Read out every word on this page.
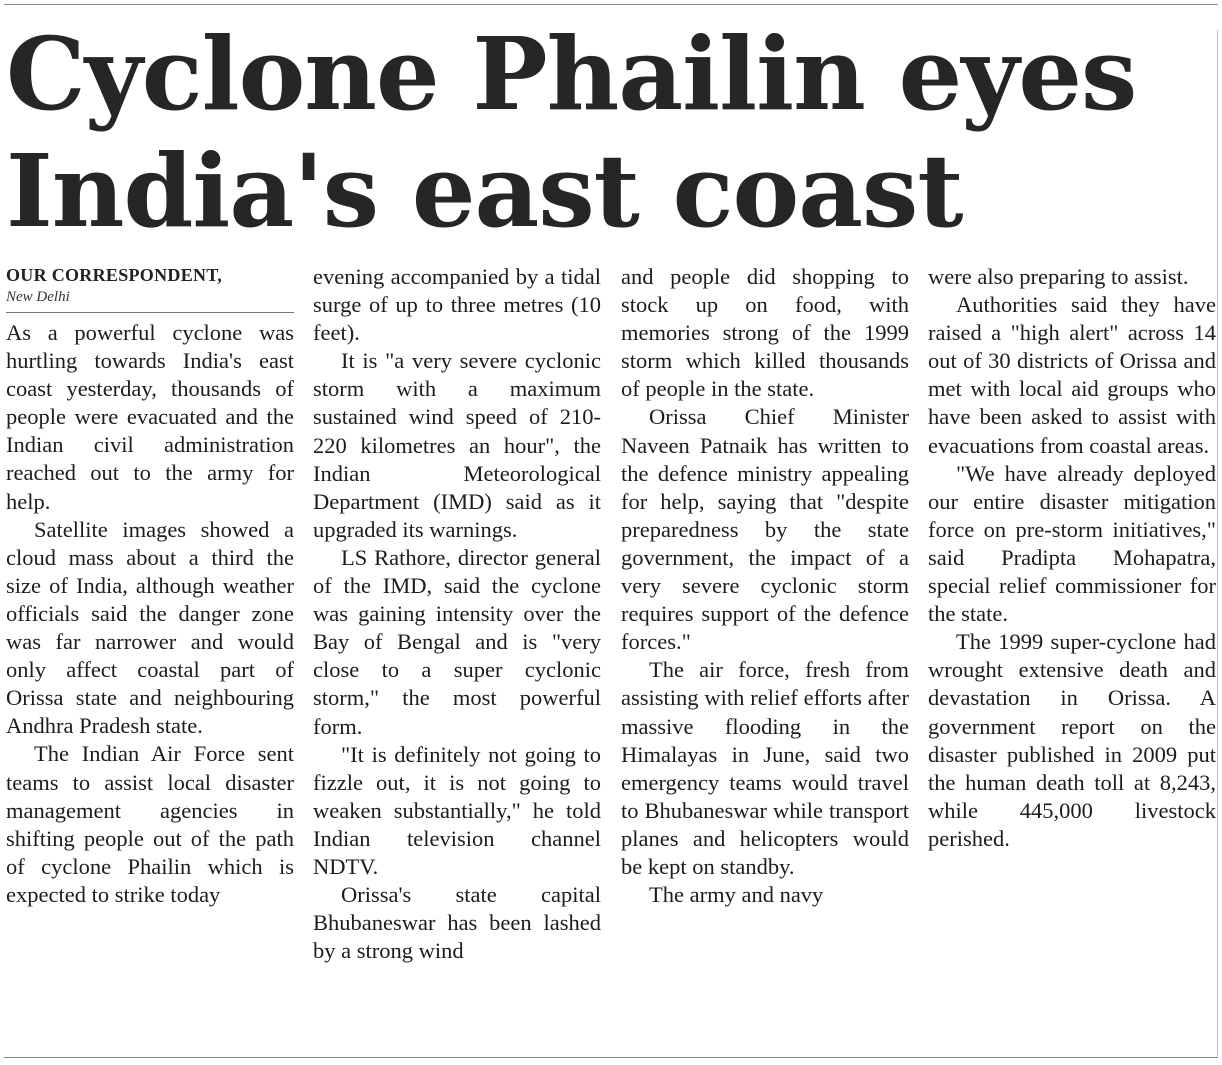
Cyclone Phailin eyes
India's east coast
OUR CORRESPONDENT,
New Delhi

As a powerful cyclone was hurtling towards India's east coast yesterday, thousands of people were evacuated and the Indian civil administration reached out to the army for help.

Satellite images showed a cloud mass about a third the size of India, although weather officials said the danger zone was far narrower and would only affect coastal part of Orissa state and neighbouring Andhra Pradesh state.

The Indian Air Force sent teams to assist local disaster management agencies in shifting people out of the path of cyclone Phailin which is expected to strike today

evening accompanied by a tidal surge of up to three metres (10 feet).

It is "a very severe cyclonic storm with a maximum sustained wind speed of 210-220 kilometres an hour", the Indian Meteorological Department (IMD) said as it upgraded its warnings.

LS Rathore, director general of the IMD, said the cyclone was gaining intensity over the Bay of Bengal and is "very close to a super cyclonic storm," the most powerful form.

"It is definitely not going to fizzle out, it is not going to weaken substantially," he told Indian television channel NDTV.

Orissa's state capital Bhubaneswar has been lashed by a strong wind

and people did shopping to stock up on food, with memories strong of the 1999 storm which killed thousands of people in the state.

Orissa Chief Minister Naveen Patnaik has written to the defence ministry appealing for help, saying that "despite preparedness by the state government, the impact of a very severe cyclonic storm requires support of the defence forces."

The air force, fresh from assisting with relief efforts after massive flooding in the Himalayas in June, said two emergency teams would travel to Bhubaneswar while transport planes and helicopters would be kept on standby.

The army and navy

were also preparing to assist.

Authorities said they have raised a "high alert" across 14 out of 30 districts of Orissa and met with local aid groups who have been asked to assist with evacuations from coastal areas.

"We have already deployed our entire disaster mitigation force on pre-storm initiatives," said Pradipta Mohapatra, special relief commissioner for the state.

The 1999 super-cyclone had wrought extensive death and devastation in Orissa. A government report on the disaster published in 2009 put the human death toll at 8,243, while 445,000 livestock perished.
